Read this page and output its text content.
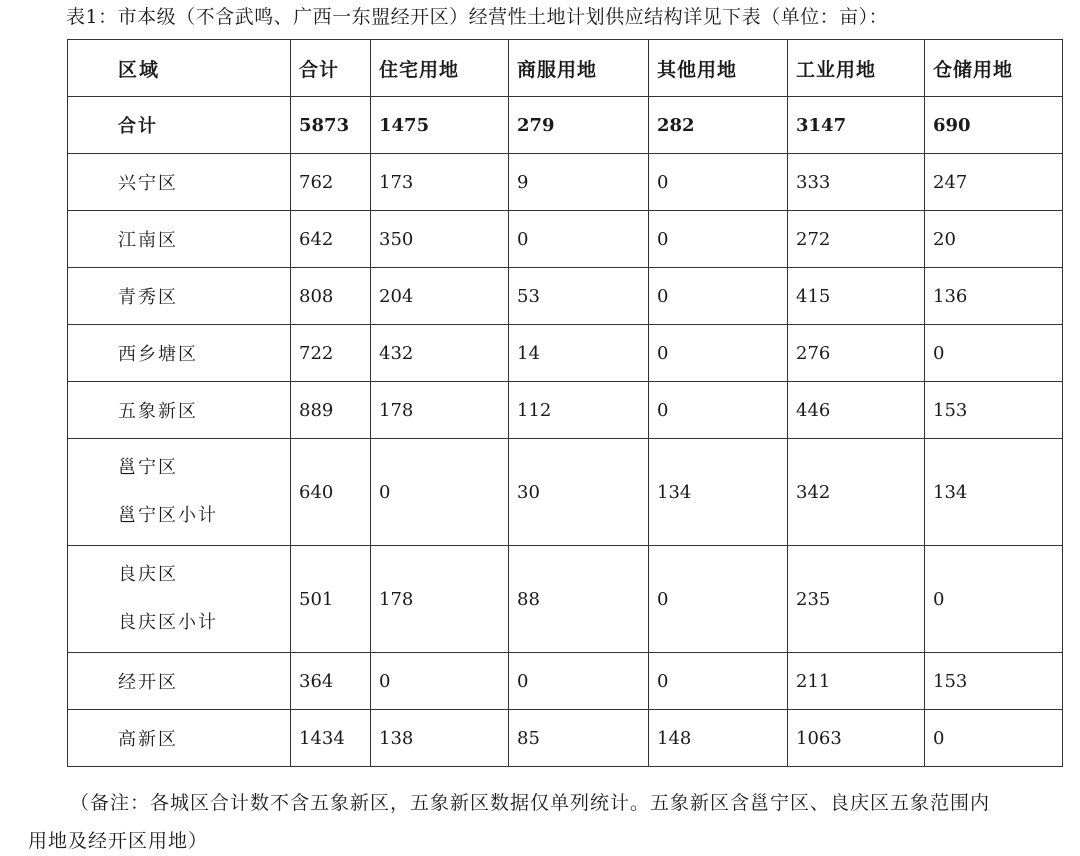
表1：市本级（不含武鸣、广西一东盟经开区）经营性土地计划供应结构详见下表（单位：亩）：
区域	合计	住宅用地	商服用地	其他用地	工业用地	仓储用地
合计	5873	1475	279	282	3147	690
兴宁区	762	173	9	0	333	247
江南区	642	350	0	0	272	20
青秀区	808	204	53	0	415	136
西乡塘区	722	432	14	0	276	0
五象新区	889	178	112	0	446	153

邕宁区
邕宁区小计	640	0	30	134	342	134

良庆区
良庆区小计	501	178	88	0	235	0
经开区	364	0	0	0	211	153
高新区	1434	138	85	148	1063	0
（备注：各城区合计数不含五象新区，五象新区数据仅单列统计。五象新区含邕宁区、良庆区五象范围内
用地及经开区用地）
